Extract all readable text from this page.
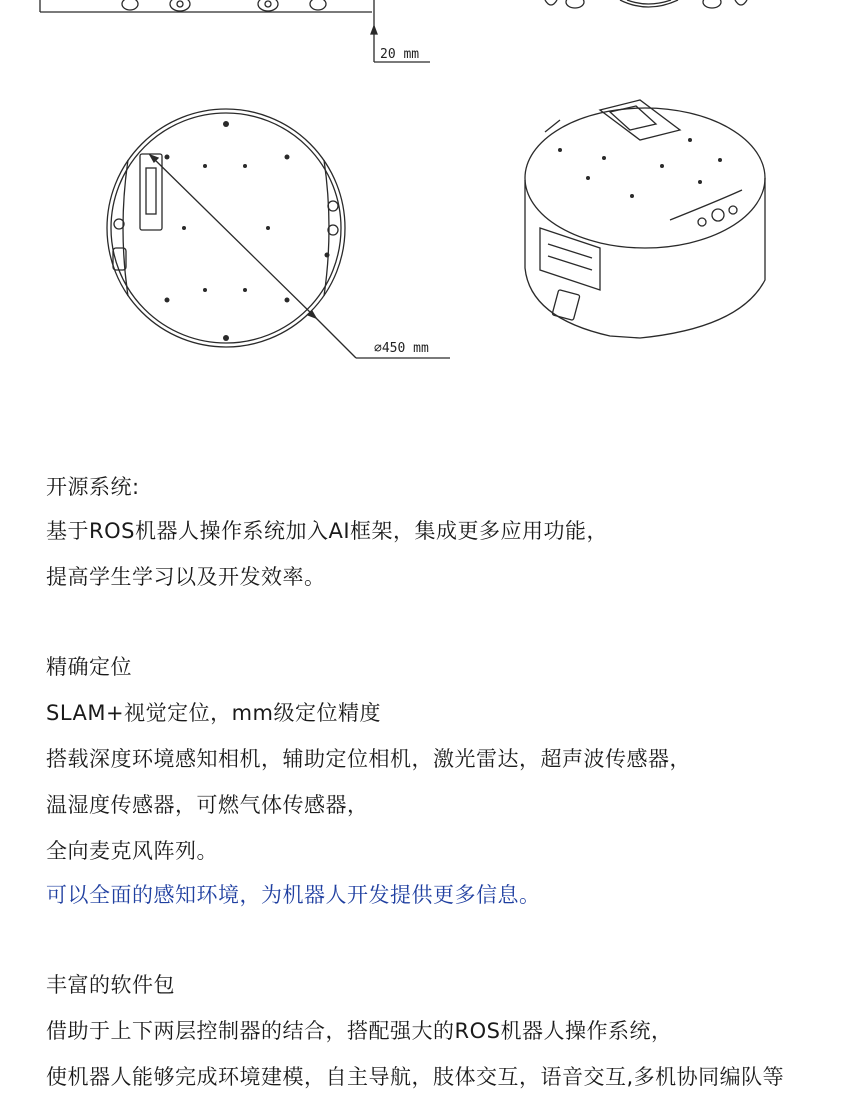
20 mm
∅450 mm
开源系统:
基于ROS机器人操作系统加入AI框架，集成更多应用功能，
提高学生学习以及开发效率。
精确定位
SLAM+视觉定位，mm级定位精度
搭载深度环境感知相机，辅助定位相机，激光雷达，超声波传感器，
温湿度传感器，可燃气体传感器，
全向麦克风阵列。
可以全面的感知环境，为机器人开发提供更多信息。
丰富的软件包
借助于上下两层控制器的结合，搭配强大的ROS机器人操作系统，
使机器人能够完成环境建模，自主导航，肢体交互，语音交互,多机协同编队等
